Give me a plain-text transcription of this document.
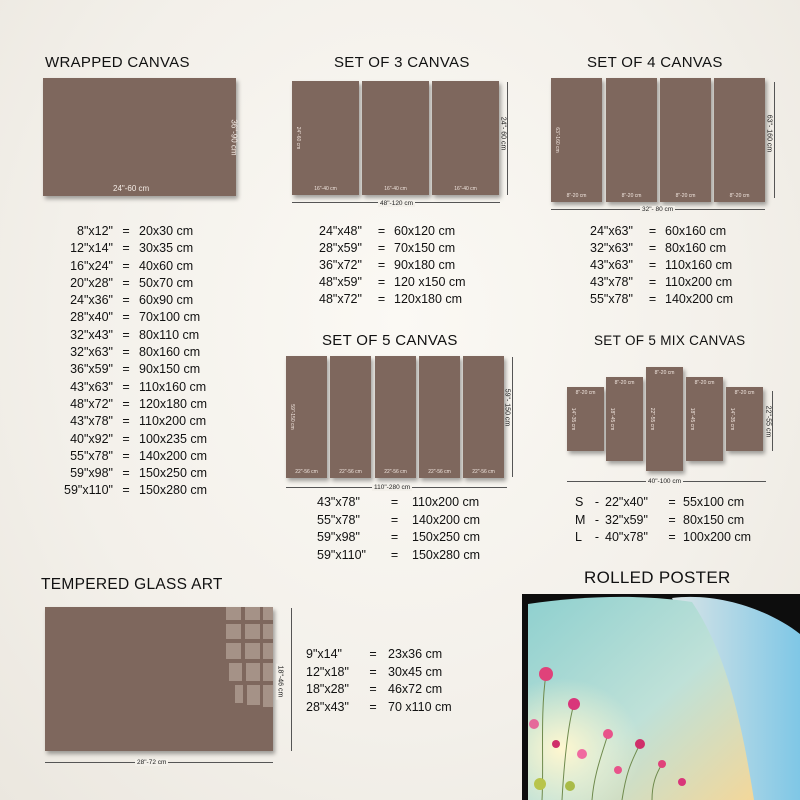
WRAPPED CANVAS
24"-60 cm
36"-90 cm
8"x12" = 20x30 cm
12"x14" = 30x35 cm
16"x24" = 40x60 cm
20"x28" = 50x70 cm
24"x36" = 60x90 cm
28"x40" = 70x100 cm
32"x43" = 80x110 cm
32"x63" = 80x160 cm
36"x59" = 90x150 cm
43"x63" = 110x160 cm
48"x72" = 120x180 cm
43"x78" = 110x200 cm
40"x92" = 100x235 cm
55"x78" = 140x200 cm
59"x98" = 150x250 cm
59"x110" = 150x280 cm
SET OF 3 CANVAS
16"-40 cm
24"-60 cm
16"-40 cm	16"-40 cm
24"- 60 cm
48"-120 cm
24"x48"	= 60x120 cm
28"x59"	= 70x150 cm
36"x72"	= 90x180 cm
48"x59"	= 120 x150 cm
48"x72"	= 120x180 cm
SET OF 4 CANVAS
8"-20 cm
63"-160 cm
8"-20 cm	8"-20 cm	8"-20 cm
63"- 160 cm
32"- 80 cm
24"x63"	= 60x160 cm
32"x63"	= 80x160 cm
43"x63"	= 110x160 cm
43"x78"	= 110x200 cm
55"x78"	= 140x200 cm
SET OF 5 CANVAS
22"-56 cm
59"-150 cm
22"-56 cm	22"-56 cm	22"-56 cm	22"-56 cm
59"- 150 cm
110"-280 cm
43"x78"	=	110x200 cm
55"x78"	=	140x200 cm
59"x98"	=	150x250 cm
59"x110"	=	150x280 cm
SET OF 5 MIX CANVAS
14"-35 cm
8"-20 cm
18"-45 cm
8"-20 cm
22"-55 cm
8"-20 cm
18"-45 cm
8"-20 cm
14"-35 cm
8"-20 cm
22"-55 cm
40"-100 cm
S - 22"x40"	= 55x100 cm
M - 32"x59"	= 80x150 cm
L	- 40"x78"	= 100x200 cm
TEMPERED GLASS ART
18"-46 cm
28"-72 cm
9"x14"	= 23x36 cm
12"x18"	= 30x45 cm
18"x28"	= 46x72 cm
28"x43"	= 70 x110 cm
ROLLED POSTER
